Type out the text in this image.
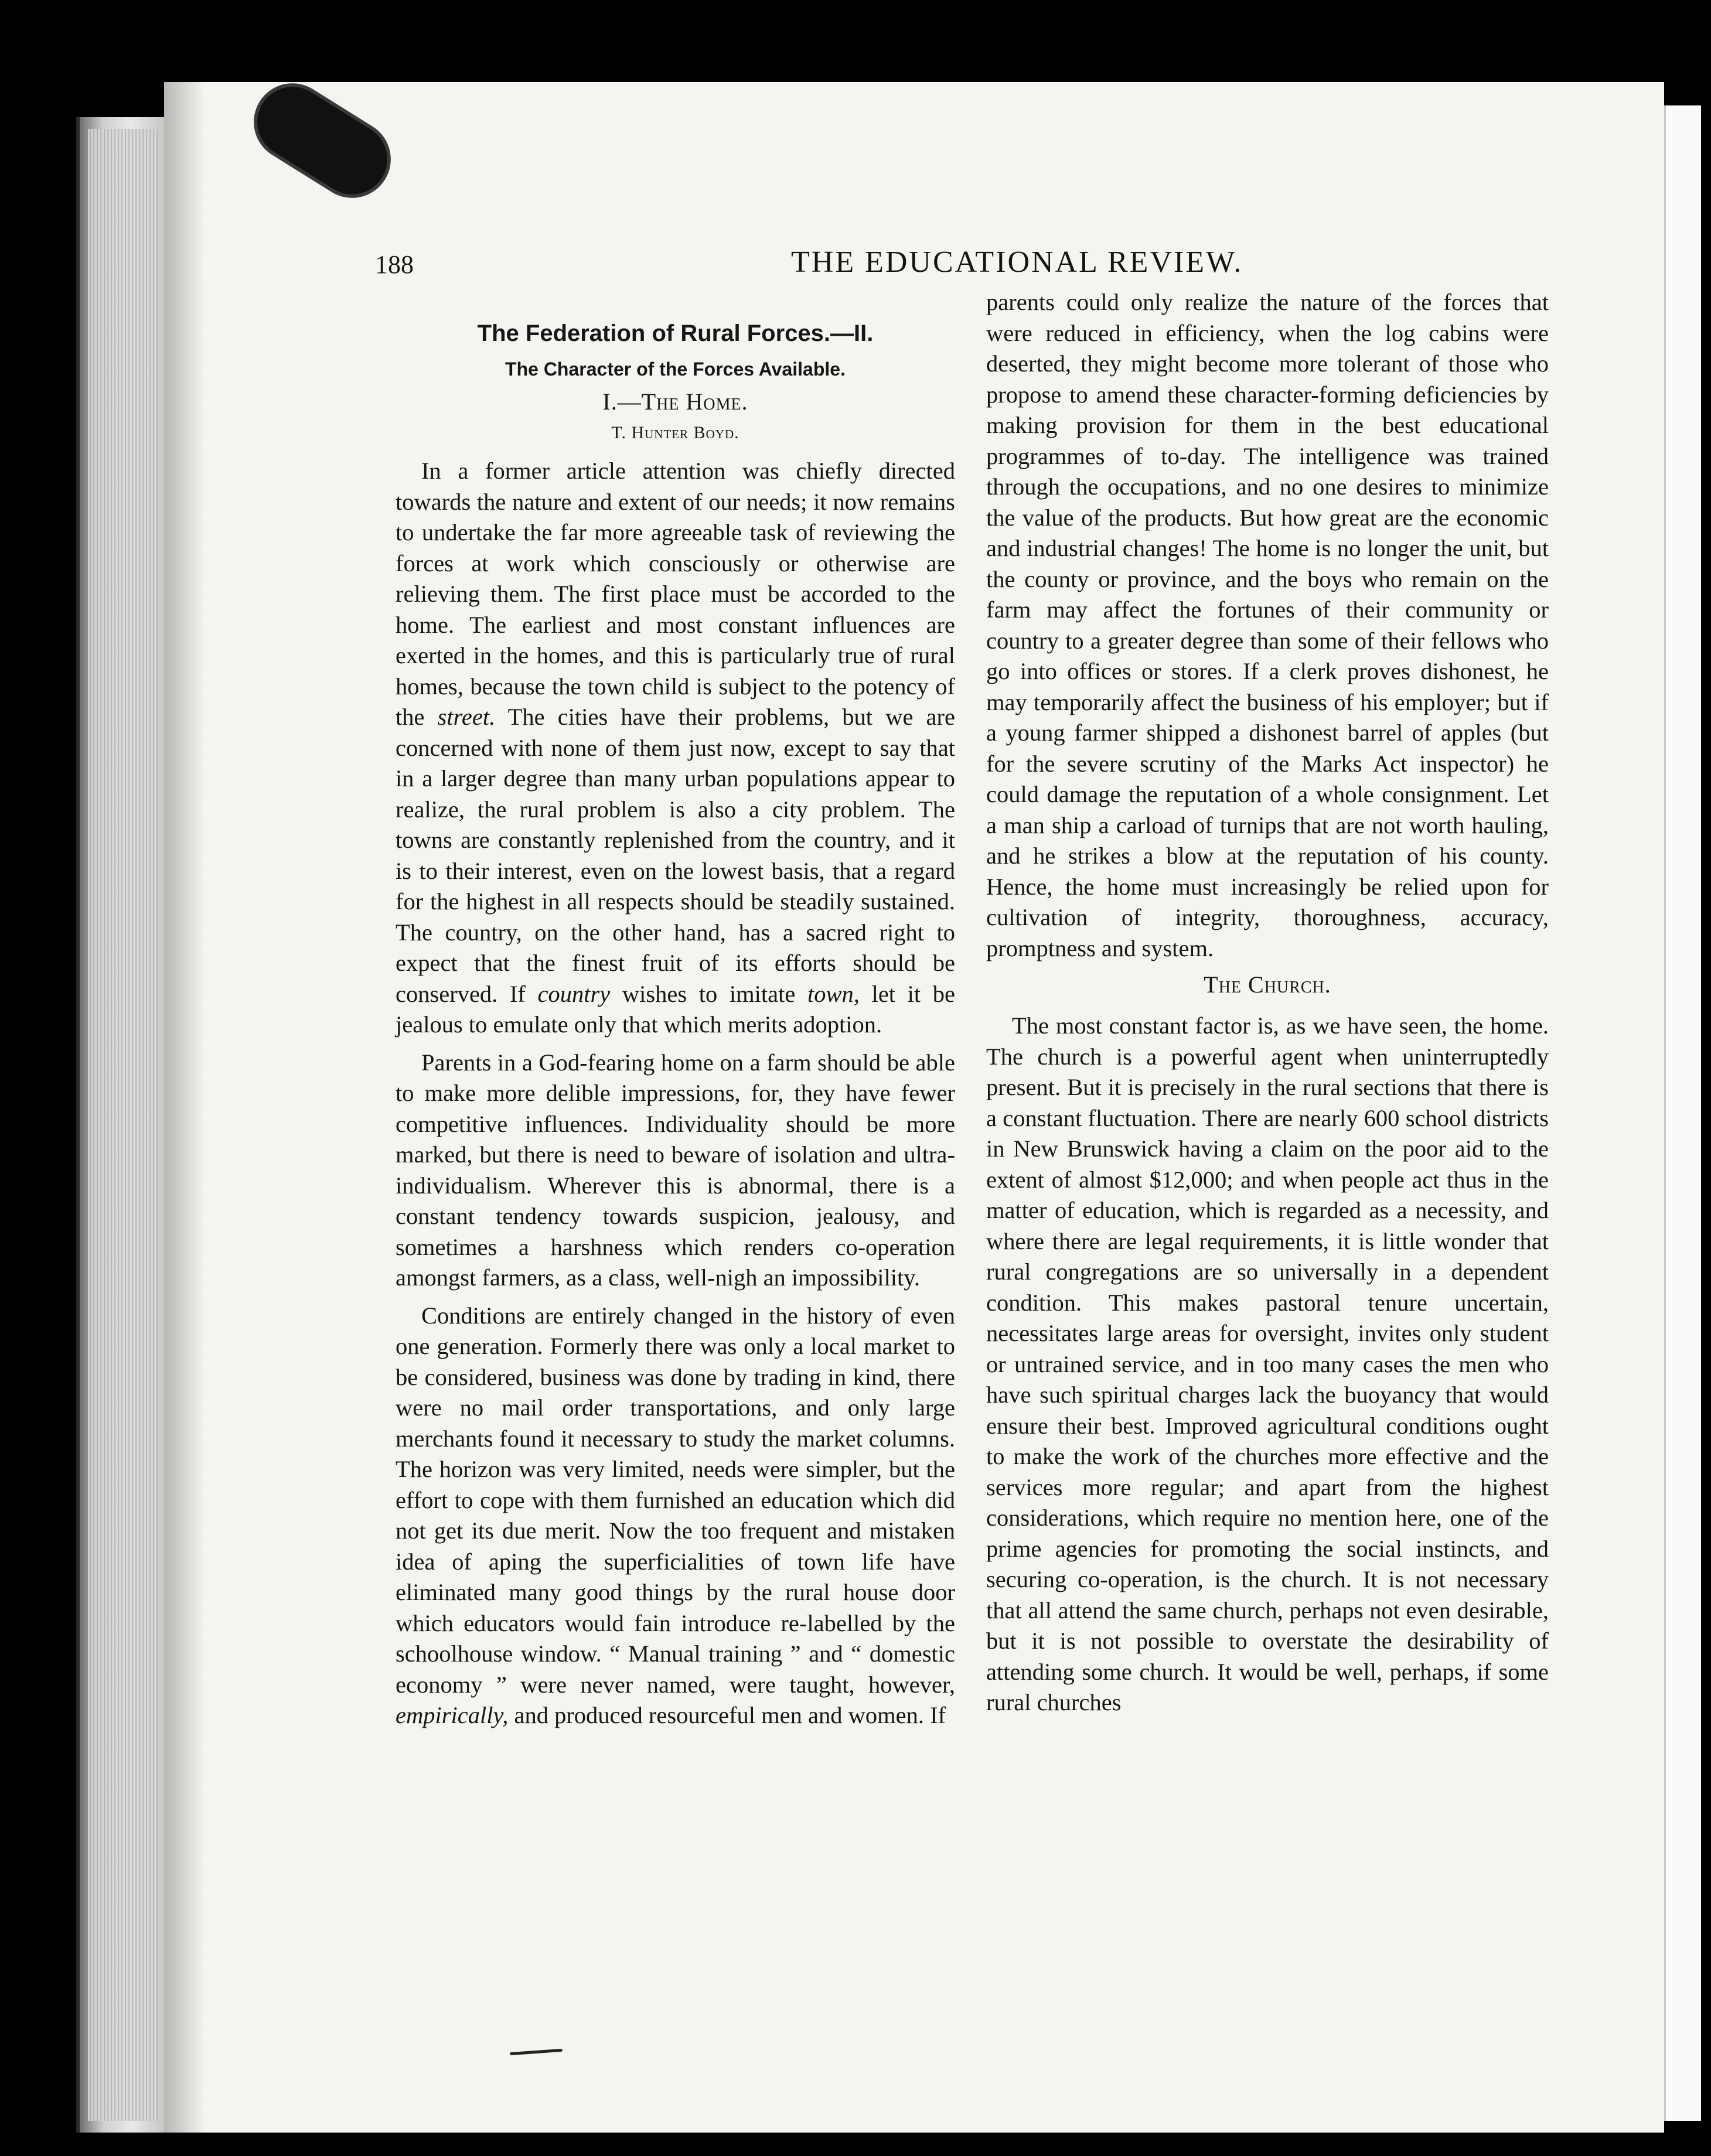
188	THE EDUCATIONAL REVIEW.
The Federation of Rural Forces.—II.
The Character of the Forces Available.
I.—The Home.
T. Hunter Boyd.

In a former article attention was chiefly directed towards the nature and extent of our needs; it now remains to undertake the far more agreeable task of reviewing the forces at work which consciously or otherwise are relieving them. The first place must be accorded to the home. The earliest and most constant influences are exerted in the homes, and this is particularly true of rural homes, because the town child is subject to the potency of the street. The cities have their problems, but we are concerned with none of them just now, except to say that in a larger degree than many urban populations appear to realize, the rural problem is also a city problem. The towns are constantly replenished from the country, and it is to their interest, even on the lowest basis, that a regard for the highest in all respects should be steadily sustained. The country, on the other hand, has a sacred right to expect that the finest fruit of its efforts should be conserved. If country wishes to imitate town, let it be jealous to emulate only that which merits adoption.

Parents in a God-fearing home on a farm should be able to make more delible impressions, for, they have fewer competitive influences. Individuality should be more marked, but there is need to beware of isolation and ultra-individualism. Wherever this is abnormal, there is a constant tendency towards suspicion, jealousy, and sometimes a harshness which renders co-operation amongst farmers, as a class, well-nigh an impossibility.

Conditions are entirely changed in the history of even one generation. Formerly there was only a local market to be considered, business was done by trading in kind, there were no mail order transportations, and only large merchants found it necessary to study the market columns. The horizon was very limited, needs were simpler, but the effort to cope with them furnished an education which did not get its due merit. Now the too frequent and mistaken idea of aping the superficialities of town life have eliminated many good things by the rural house door which educators would fain introduce re-labelled by the schoolhouse window. “ Manual training ” and “ domestic economy ” were never named, were taught, however, empirically, and produced resourceful men and women. If

parents could only realize the nature of the forces that were reduced in efficiency, when the log cabins were deserted, they might become more tolerant of those who propose to amend these character-forming deficiencies by making provision for them in the best educational programmes of to-day. The intelligence was trained through the occupations, and no one desires to minimize the value of the products. But how great are the economic and industrial changes! The home is no longer the unit, but the county or province, and the boys who remain on the farm may affect the fortunes of their community or country to a greater degree than some of their fellows who go into offices or stores. If a clerk proves dishonest, he may temporarily affect the business of his employer; but if a young farmer shipped a dishonest barrel of apples (but for the severe scrutiny of the Marks Act inspector) he could damage the reputation of a whole consignment. Let a man ship a carload of turnips that are not worth hauling, and he strikes a blow at the reputation of his county. Hence, the home must increasingly be relied upon for cultivation of integrity, thoroughness, accuracy, promptness and system.

The Church.

The most constant factor is, as we have seen, the home. The church is a powerful agent when uninterruptedly present. But it is precisely in the rural sections that there is a constant fluctuation. There are nearly 600 school districts in New Brunswick having a claim on the poor aid to the extent of almost $12,000; and when people act thus in the matter of education, which is regarded as a necessity, and where there are legal requirements, it is little wonder that rural congregations are so universally in a dependent condition. This makes pastoral tenure uncertain, necessitates large areas for oversight, invites only student or untrained service, and in too many cases the men who have such spiritual charges lack the buoyancy that would ensure their best. Improved agricultural conditions ought to make the work of the churches more effective and the services more regular; and apart from the highest considerations, which require no mention here, one of the prime agencies for promoting the social instincts, and securing co-operation, is the church. It is not necessary that all attend the same church, perhaps not even desirable, but it is not possible to overstate the desirability of attending some church. It would be well, perhaps, if some rural churches
